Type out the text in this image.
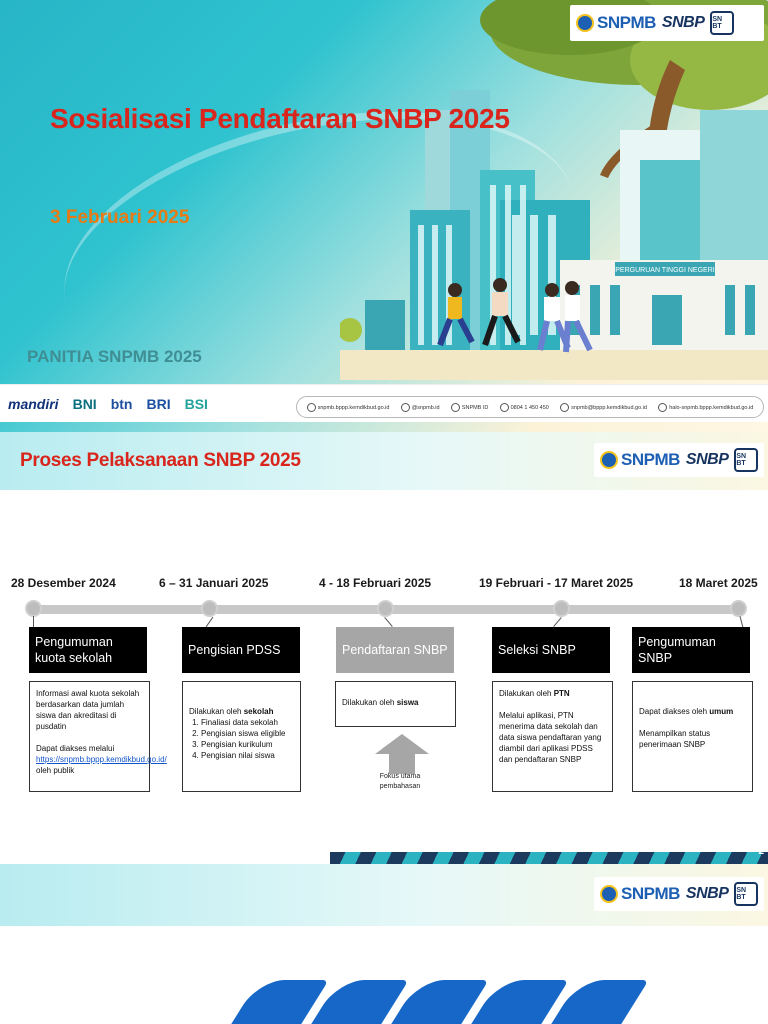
PERGURUAN TINGGI NEGERI
SNPMB SNBP SN BT
Sosialisasi Pendaftaran SNBP 2025
3 Februari 2025
PANITIA SNPMB 2025
mandiri BNI btn BRI BSI	snpmb.bppp.kemdikbud.go.id	@snpmb.id	SNPMB ID	0804 1 450 450	snpmb@bppp.kemdikbud.go.id	halo-snpmb.bppp.kemdikbud.go.id
Proses Pelaksanaan SNBP 2025	SNPMB SNBP SN BT
28 Desember 2024	6 – 31 Januari 2025	4 - 18 Februari 2025	19 Februari - 17 Maret 2025	18 Maret 2025
Pengumuman kuota sekolah
Pengisian PDSS	Pendaftaran SNBP	Seleksi SNBP
Pengumuman SNBP

Informasi awal kuota sekolah berdasarkan data jumlah siswa dan akreditasi di pusdatin

Dapat diakses melalui https://snpmb.bppp.kemdikbud.go.id/ oleh publik

Dilakukan oleh sekolah

1. Finaliasi data sekolah
2. Pengisian siswa eligible
3. Pengisian kurikulum
4. Pengisian nilai siswa

Dilakukan oleh siswa

Dilakukan oleh PTN

Melalui aplikasi, PTN menerima data sekolah dan data siswa pendaftaran yang diambil dari aplikasi PDSS dan pendaftaran SNBP

Dapat diakses oleh umum

Menampilkan status penerimaan SNBP

Fokus utama pembahasan
2
SNPMB SNBP SN BT
